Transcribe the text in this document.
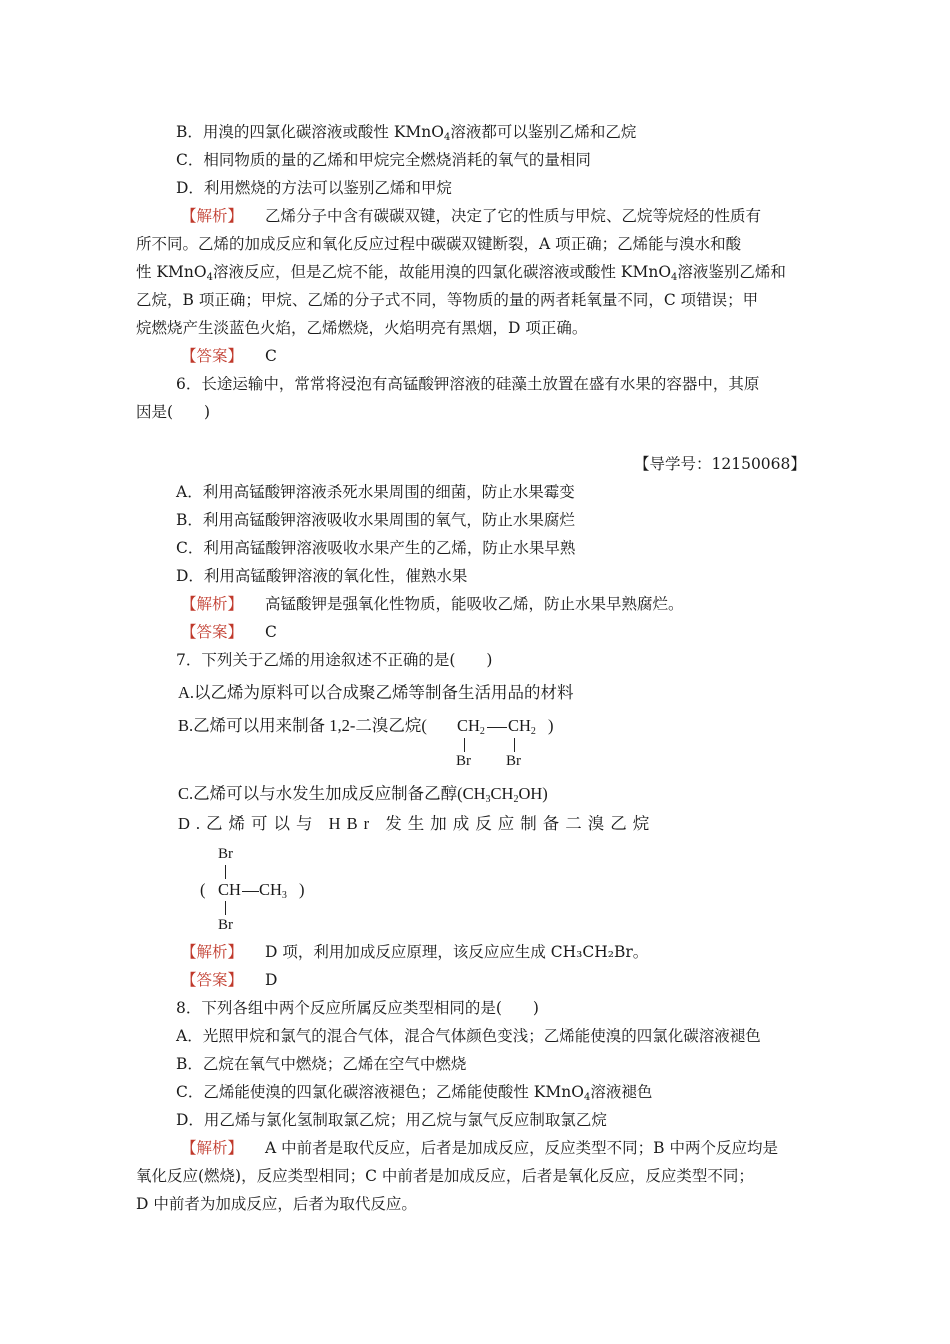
B．用溴的四氯化碳溶液或酸性 KMnO$_4$溶液都可以鉴别乙烯和乙烷
C．相同物质的量的乙烯和甲烷完全燃烧消耗的氧气的量相同
D．利用燃烧的方法可以鉴别乙烯和甲烷
【解析】 乙烯分子中含有碳碳双键，决定了它的性质与甲烷、乙烷等烷烃的性质有
所不同。乙烯的加成反应和氧化反应过程中碳碳双键断裂，A 项正确；乙烯能与溴水和酸
性 KMnO$_4$溶液反应，但是乙烷不能，故能用溴的四氯化碳溶液或酸性 KMnO$_4$溶液鉴别乙烯和
乙烷，B 项正确；甲烷、乙烯的分子式不同，等物质的量的两者耗氧量不同，C 项错误；甲
烷燃烧产生淡蓝色火焰，乙烯燃烧，火焰明亮有黑烟，D 项正确。
【答案】 C
6．长途运输中，常常将浸泡有高锰酸钾溶液的硅藻土放置在盛有水果的容器中，其原
因是(　　)
【导学号：12150068】
A．利用高锰酸钾溶液杀死水果周围的细菌，防止水果霉变
B．利用高锰酸钾溶液吸收水果周围的氧气，防止水果腐烂
C．利用高锰酸钾溶液吸收水果产生的乙烯，防止水果早熟
D．利用高锰酸钾溶液的氧化性，催熟水果
【解析】 高锰酸钾是强氧化性物质，能吸收乙烯，防止水果早熟腐烂。
【答案】 C
7．下列关于乙烯的用途叙述不正确的是(　　)
A.以乙烯为原料可以合成聚乙烯等制备生活用品的材料
B.乙烯可以用来制备 1,2-二溴乙烷( $CH_2$ $CH_2$ )
Br Br
C.乙烯可以与水发生加成反应制备乙醇$(CH_3CH_2OH)$
D.乙烯可以与 HBr 发生加成反应制备二溴乙烷
Br
( CH $CH_3$ )
Br
【解析】 D 项，利用加成反应原理，该反应应生成 CH₃CH₂Br。
【答案】 D
8．下列各组中两个反应所属反应类型相同的是(　　)
A．光照甲烷和氯气的混合气体，混合气体颜色变浅；乙烯能使溴的四氯化碳溶液褪色
B．乙烷在氧气中燃烧；乙烯在空气中燃烧
C．乙烯能使溴的四氯化碳溶液褪色；乙烯能使酸性 KMnO$_4$溶液褪色
D．用乙烯与氯化氢制取氯乙烷；用乙烷与氯气反应制取氯乙烷
【解析】 A 中前者是取代反应，后者是加成反应，反应类型不同；B 中两个反应均是
氧化反应(燃烧)，反应类型相同；C 中前者是加成反应，后者是氧化反应，反应类型不同；
D 中前者为加成反应，后者为取代反应。
